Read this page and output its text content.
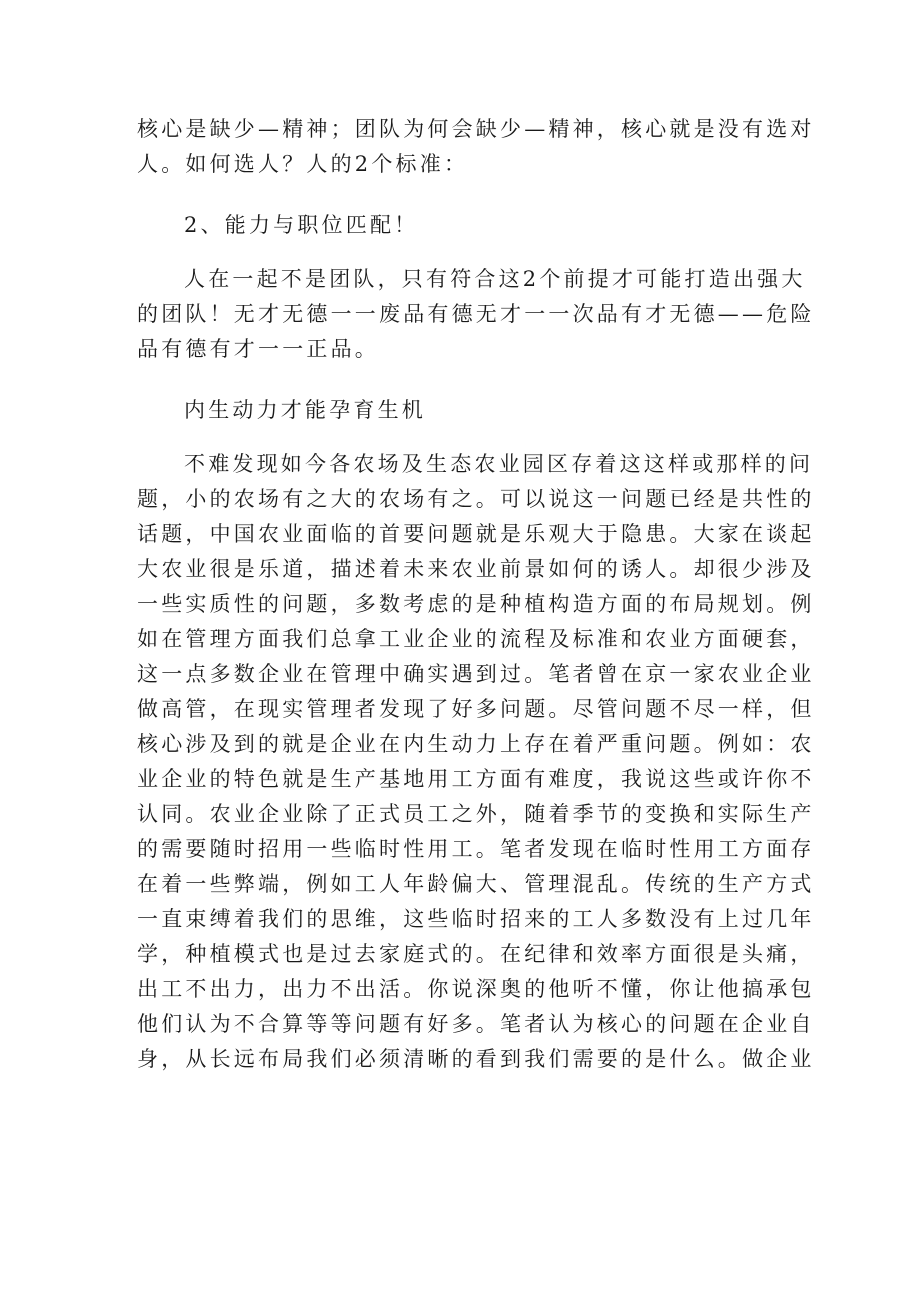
核心是缺少—精神；团队为何会缺少—精神，核心就是没有选对
人。如何选人？人的2个标准：
2、能力与职位匹配！
人在一起不是团队，只有符合这2个前提才可能打造出强大
的团队！无才无德一一废品有德无才一一次品有才无德——危险
品有德有才一一正品。
内生动力才能孕育生机
不难发现如今各农场及生态农业园区存着这这样或那样的问
题，小的农场有之大的农场有之。可以说这一问题已经是共性的
话题，中国农业面临的首要问题就是乐观大于隐患。大家在谈起
大农业很是乐道，描述着未来农业前景如何的诱人。却很少涉及
一些实质性的问题，多数考虑的是种植构造方面的布局规划。例
如在管理方面我们总拿工业企业的流程及标准和农业方面硬套，
这一点多数企业在管理中确实遇到过。笔者曾在京一家农业企业
做高管，在现实管理者发现了好多问题。尽管问题不尽一样，但
核心涉及到的就是企业在内生动力上存在着严重问题。例如：农
业企业的特色就是生产基地用工方面有难度，我说这些或许你不
认同。农业企业除了正式员工之外，随着季节的变换和实际生产
的需要随时招用一些临时性用工。笔者发现在临时性用工方面存
在着一些弊端，例如工人年龄偏大、管理混乱。传统的生产方式
一直束缚着我们的思维，这些临时招来的工人多数没有上过几年
学，种植模式也是过去家庭式的。在纪律和效率方面很是头痛，
出工不出力，出力不出活。你说深奥的他听不懂，你让他搞承包
他们认为不合算等等问题有好多。笔者认为核心的问题在企业自
身，从长远布局我们必须清晰的看到我们需要的是什么。做企业
